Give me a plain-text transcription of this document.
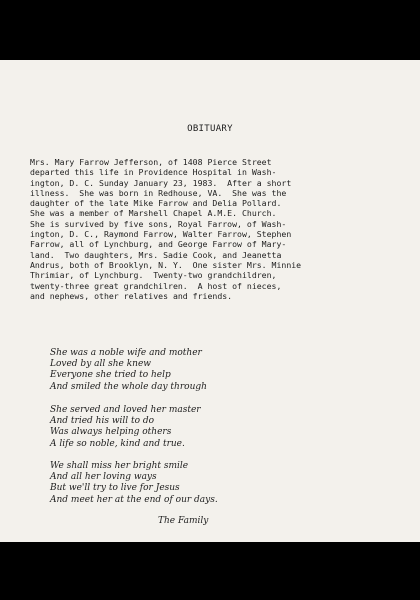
OBITUARY
Mrs. Mary Farrow Jefferson, of 1408 Pierce Street
departed this life in Providence Hospital in Wash-
ington, D. C. Sunday January 23, 1983.  After a short
illness.  She was born in Redhouse, VA.  She was the
daughter of the late Mike Farrow and Delia Pollard.
She was a member of Marshell Chapel A.M.E. Church.
She is survived by five sons, Royal Farrow, of Wash-
ington, D. C., Raymond Farrow, Walter Farrow, Stephen
Farrow, all of Lynchburg, and George Farrow of Mary-
land.  Two daughters, Mrs. Sadie Cook, and Jeanetta
Andrus, both of Brooklyn, N. Y.  One sister Mrs. Minnie
Thrimiar, of Lynchburg.  Twenty-two grandchildren,
twenty-three great grandchilren.  A host of nieces,
and nephews, other relatives and friends.
She was a noble wife and mother
Loved by all she knew
Everyone she tried to help
And smiled the whole day through
She served and loved her master
And tried his will to do
Was always helping others
A life so noble, kind and true.
We shall miss her bright smile
And all her loving ways
But we'll try to live for Jesus
And meet her at the end of our days.
The Family
